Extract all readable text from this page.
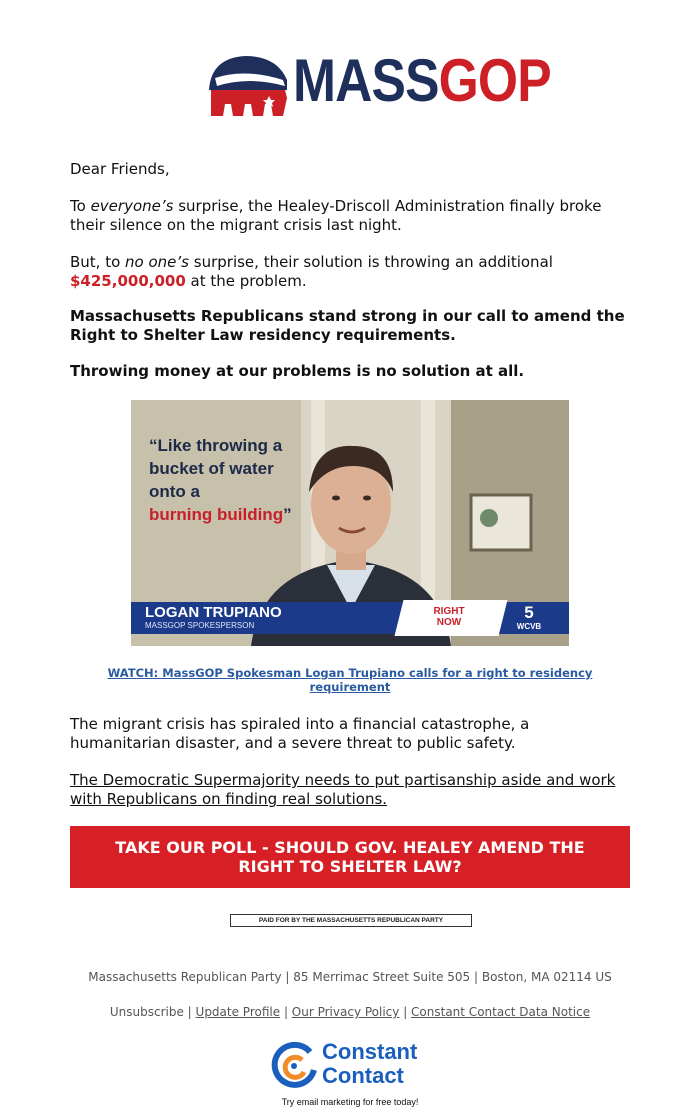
MASSGOP

Dear Friends,

To everyone’s surprise, the Healey-Driscoll Administration finally broke their silence on the migrant crisis last night.

But, to no one’s surprise, their solution is throwing an additional
$425,000,000 at the problem.

Massachusetts Republicans stand strong in our call to amend the Right to Shelter Law residency requirements.

Throwing money at our problems is no solution at all.

“Like throwing a
bucket of water
onto a
burning building”
LOGAN TRUPIANO
MASSGOP SPOKESPERSON
RIGHT
NOW
5
WCVB
WATCH: MassGOP Spokesman Logan Trupiano calls for a right to residency requirement

The migrant crisis has spiraled into a financial catastrophe, a humanitarian disaster, and a severe threat to public safety.

The Democratic Supermajority needs to put partisanship aside and work with Republicans on finding real solutions.

TAKE OUR POLL - SHOULD GOV. HEALEY AMEND THE RIGHT TO SHELTER LAW?
PAID FOR BY THE MASSACHUSETTS REPUBLICAN PARTY
Massachusetts Republican Party | 85 Merrimac Street Suite 505 | Boston, MA 02114 US
Unsubscribe | Update Profile | Our Privacy Policy | Constant Contact Data Notice
Constant
Contact
Try email marketing for free today!
